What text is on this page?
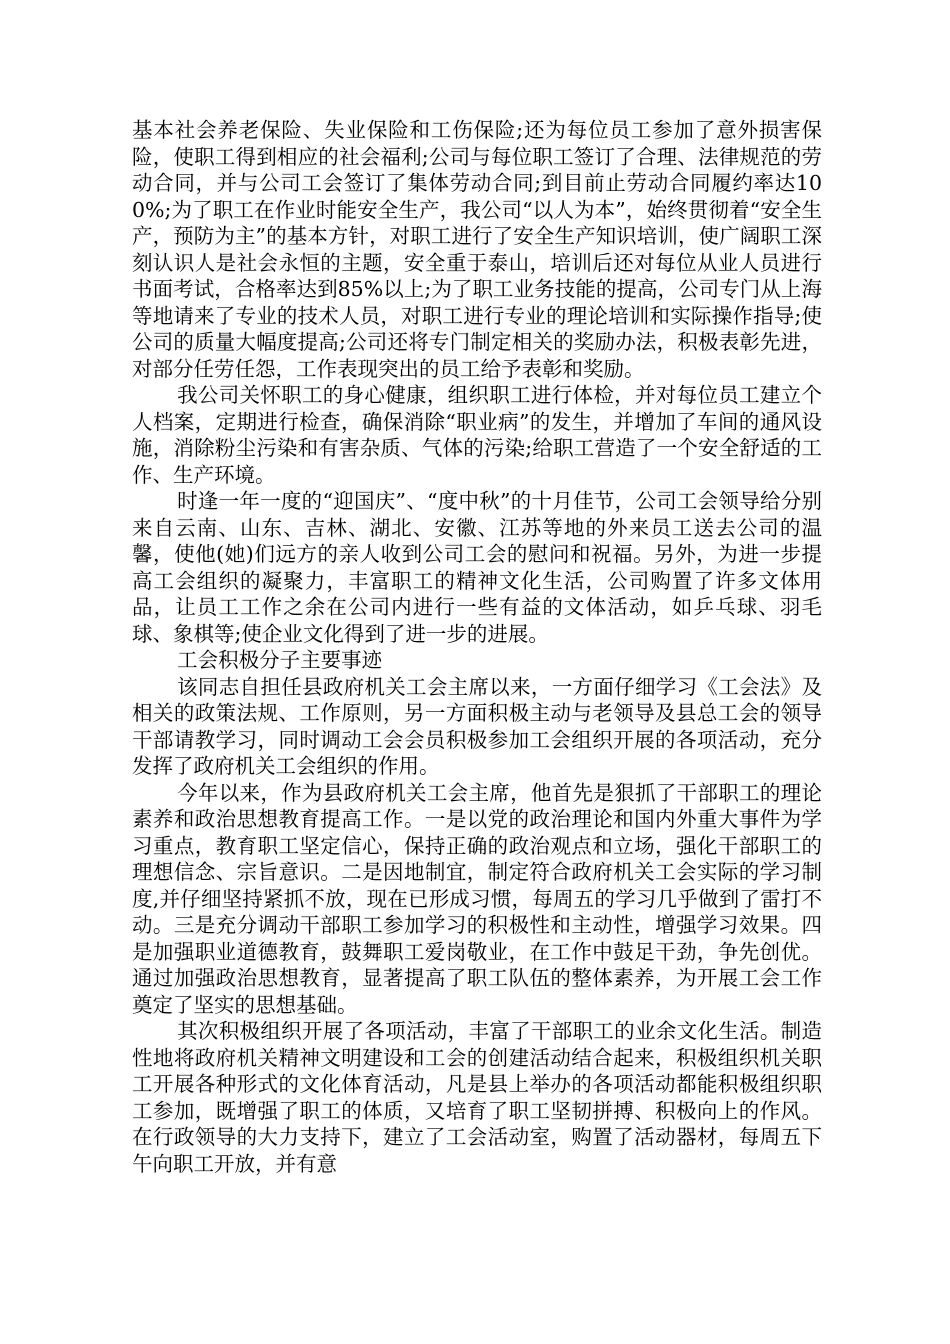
基本社会养老保险、失业保险和工伤保险;还为每位员工参加了意外损害保险，使职工得到相应的社会福利;公司与每位职工签订了合理、法律规范的劳动合同，并与公司工会签订了集体劳动合同;到目前止劳动合同履约率达100%;为了职工在作业时能安全生产，我公司“以人为本”，始终贯彻着“安全生产，预防为主”的基本方针，对职工进行了安全生产知识培训，使广阔职工深刻认识人是社会永恒的主题，安全重于泰山，培训后还对每位从业人员进行书面考试，合格率达到85%以上;为了职工业务技能的提高，公司专门从上海等地请来了专业的技术人员，对职工进行专业的理论培训和实际操作指导;使公司的质量大幅度提高;公司还将专门制定相关的奖励办法，积极表彰先进，对部分任劳任怨，工作表现突出的员工给予表彰和奖励。

我公司关怀职工的身心健康，组织职工进行体检，并对每位员工建立个人档案，定期进行检查，确保消除“职业病”的发生，并增加了车间的通风设施，消除粉尘污染和有害杂质、气体的污染;给职工营造了一个安全舒适的工作、生产环境。

时逢一年一度的“迎国庆”、“度中秋”的十月佳节，公司工会领导给分别来自云南、山东、吉林、湖北、安徽、江苏等地的外来员工送去公司的温馨，使他(她)们远方的亲人收到公司工会的慰问和祝福。另外，为进一步提高工会组织的凝聚力，丰富职工的精神文化生活，公司购置了许多文体用品，让员工工作之余在公司内进行一些有益的文体活动，如乒乓球、羽毛球、象棋等;使企业文化得到了进一步的进展。

工会积极分子主要事迹

该同志自担任县政府机关工会主席以来，一方面仔细学习《工会法》及相关的政策法规、工作原则，另一方面积极主动与老领导及县总工会的领导干部请教学习，同时调动工会会员积极参加工会组织开展的各项活动，充分发挥了政府机关工会组织的作用。

今年以来，作为县政府机关工会主席，他首先是狠抓了干部职工的理论素养和政治思想教育提高工作。一是以党的政治理论和国内外重大事件为学习重点，教育职工坚定信心，保持正确的政治观点和立场，强化干部职工的理想信念、宗旨意识。二是因地制宜，制定符合政府机关工会实际的学习制度,并仔细坚持紧抓不放，现在已形成习惯，每周五的学习几乎做到了雷打不动。三是充分调动干部职工参加学习的积极性和主动性，增强学习效果。四是加强职业道德教育，鼓舞职工爱岗敬业，在工作中鼓足干劲，争先创优。通过加强政治思想教育，显著提高了职工队伍的整体素养，为开展工会工作奠定了坚实的思想基础。

其次积极组织开展了各项活动，丰富了干部职工的业余文化生活。制造性地将政府机关精神文明建设和工会的创建活动结合起来，积极组织机关职工开展各种形式的文化体育活动，凡是县上举办的各项活动都能积极组织职工参加，既增强了职工的体质，又培育了职工坚韧拼搏、积极向上的作风。在行政领导的大力支持下，建立了工会活动室，购置了活动器材，每周五下午向职工开放，并有意
